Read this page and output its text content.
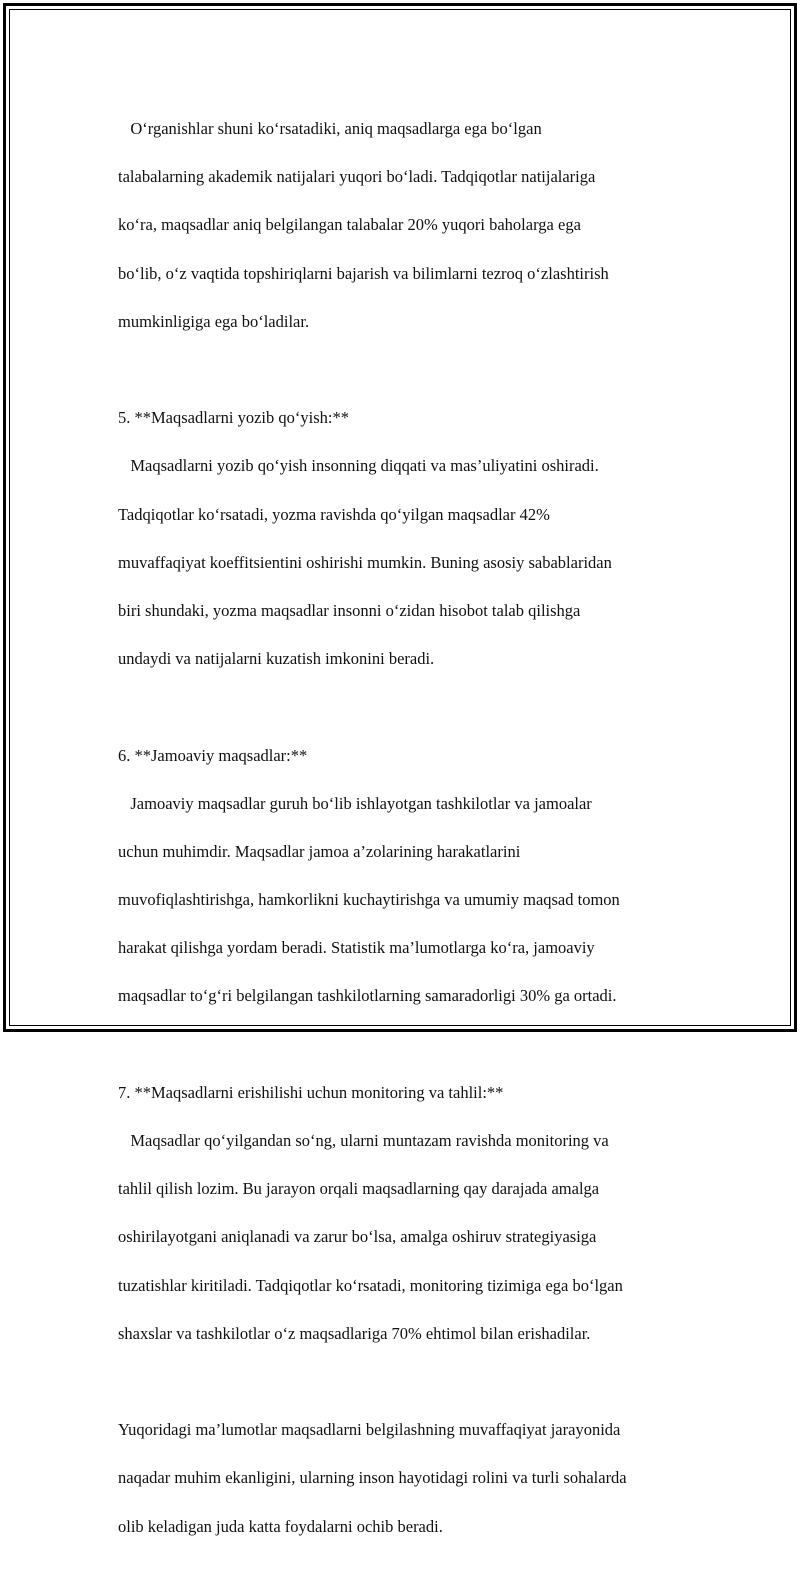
O‘rganishlar shuni ko‘rsatadiki, aniq maqsadlarga ega bo‘lgan

talabalarning akademik natijalari yuqori bo‘ladi. Tadqiqotlar natijalariga

ko‘ra, maqsadlar aniq belgilangan talabalar 20% yuqori baholarga ega

bo‘lib, o‘z vaqtida topshiriqlarni bajarish va bilimlarni tezroq o‘zlashtirish

mumkinligiga ega bo‘ladilar.

5. **Maqsadlarni yozib qo‘yish:**

Maqsadlarni yozib qo‘yish insonning diqqati va mas’uliyatini oshiradi.

Tadqiqotlar ko‘rsatadi, yozma ravishda qo‘yilgan maqsadlar 42%

muvaffaqiyat koeffitsientini oshirishi mumkin. Buning asosiy sabablaridan

biri shundaki, yozma maqsadlar insonni o‘zidan hisobot talab qilishga

undaydi va natijalarni kuzatish imkonini beradi.

6. **Jamoaviy maqsadlar:**

Jamoaviy maqsadlar guruh bo‘lib ishlayotgan tashkilotlar va jamoalar

uchun muhimdir. Maqsadlar jamoa a’zolarining harakatlarini

muvofiqlashtirishga, hamkorlikni kuchaytirishga va umumiy maqsad tomon

harakat qilishga yordam beradi. Statistik ma’lumotlarga ko‘ra, jamoaviy

maqsadlar to‘g‘ri belgilangan tashkilotlarning samaradorligi 30% ga ortadi.

7. **Maqsadlarni erishilishi uchun monitoring va tahlil:**

Maqsadlar qo‘yilgandan so‘ng, ularni muntazam ravishda monitoring va

tahlil qilish lozim. Bu jarayon orqali maqsadlarning qay darajada amalga

oshirilayotgani aniqlanadi va zarur bo‘lsa, amalga oshiruv strategiyasiga

tuzatishlar kiritiladi. Tadqiqotlar ko‘rsatadi, monitoring tizimiga ega bo‘lgan

shaxslar va tashkilotlar o‘z maqsadlariga 70% ehtimol bilan erishadilar.

Yuqoridagi ma’lumotlar maqsadlarni belgilashning muvaffaqiyat jarayonida

naqadar muhim ekanligini, ularning inson hayotidagi rolini va turli sohalarda

olib keladigan juda katta foydalarni ochib beradi.
